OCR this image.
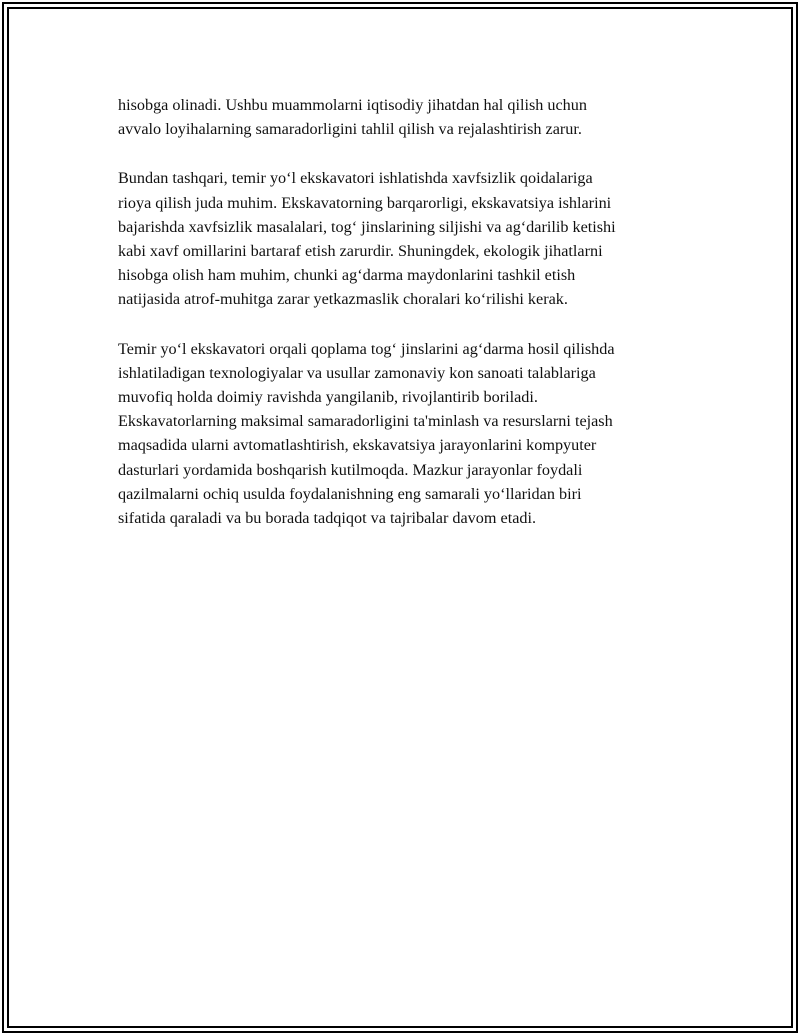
hisobga olinadi. Ushbu muammolarni iqtisodiy jihatdan hal qilish uchun
avvalo loyihalarning samaradorligini tahlil qilish va rejalashtirish zarur.

Bundan tashqari, temir yo‘l ekskavatori ishlatishda xavfsizlik qoidalariga
rioya qilish juda muhim. Ekskavatorning barqarorligi, ekskavatsiya ishlarini
bajarishda xavfsizlik masalalari, tog‘ jinslarining siljishi va ag‘darilib ketishi
kabi xavf omillarini bartaraf etish zarurdir. Shuningdek, ekologik jihatlarni
hisobga olish ham muhim, chunki ag‘darma maydonlarini tashkil etish
natijasida atrof-muhitga zarar yetkazmaslik choralari ko‘rilishi kerak.

Temir yo‘l ekskavatori orqali qoplama tog‘ jinslarini ag‘darma hosil qilishda
ishlatiladigan texnologiyalar va usullar zamonaviy kon sanoati talablariga
muvofiq holda doimiy ravishda yangilanib, rivojlantirib boriladi.
Ekskavatorlarning maksimal samaradorligini ta'minlash va resurslarni tejash
maqsadida ularni avtomatlashtirish, ekskavatsiya jarayonlarini kompyuter
dasturlari yordamida boshqarish kutilmoqda. Mazkur jarayonlar foydali
qazilmalarni ochiq usulda foydalanishning eng samarali yo‘llaridan biri
sifatida qaraladi va bu borada tadqiqot va tajribalar davom etadi.
